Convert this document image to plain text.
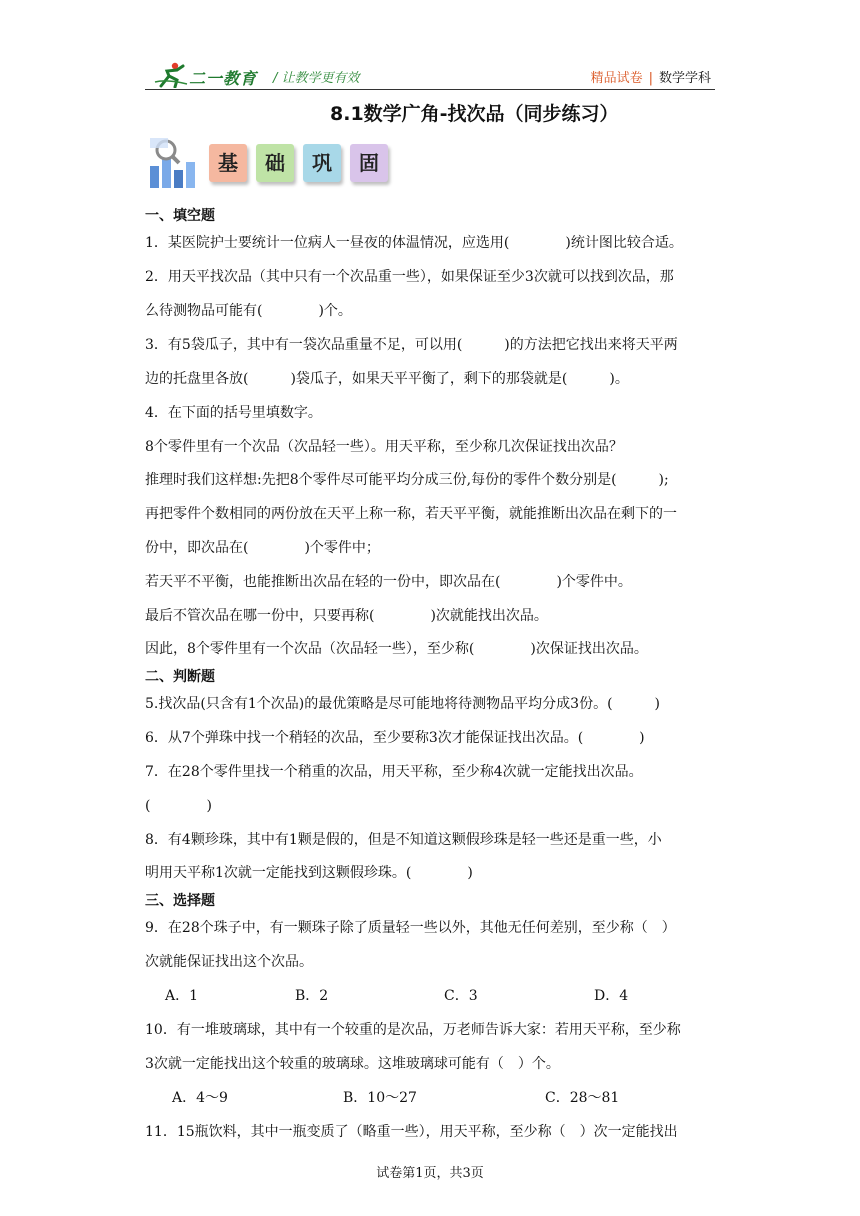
二一教育 / 让教学更有效	精品试卷 | 数学学科
8.1数学广角-找次品（同步练习）
基	础	巩	固
一、填空题
1．某医院护士要统计一位病人一昼夜的体温情况，应选用(　　　　)统计图比较合适。
2．用天平找次品（其中只有一个次品重一些），如果保证至少3次就可以找到次品，那
么待测物品可能有(　　　　)个。
3．有5袋瓜子，其中有一袋次品重量不足，可以用(　　　)的方法把它找出来将天平两
边的托盘里各放(　　　)袋瓜子，如果天平平衡了，剩下的那袋就是(　　　)。
4．在下面的括号里填数字。
8个零件里有一个次品（次品轻一些）。用天平称，至少称几次保证找出次品？
推理时我们这样想:先把8个零件尽可能平均分成三份,每份的零件个数分别是(　　　);
再把零件个数相同的两份放在天平上称一称，若天平平衡，就能推断出次品在剩下的一
份中，即次品在(　　　　)个零件中；
若天平不平衡，也能推断出次品在轻的一份中，即次品在(　　　　)个零件中。
最后不管次品在哪一份中，只要再称(　　　　)次就能找出次品。
因此，8个零件里有一个次品（次品轻一些），至少称(　　　　)次保证找出次品。
二、判断题
5.找次品(只含有1个次品)的最优策略是尽可能地将待测物品平均分成3份。(　　　)
6．从7个弹珠中找一个稍轻的次品，至少要称3次才能保证找出次品。(　　　　)
7．在28个零件里找一个稍重的次品，用天平称，至少称4次就一定能找出次品。
(　　　　)
8．有4颗珍珠，其中有1颗是假的，但是不知道这颗假珍珠是轻一些还是重一些，小
明用天平称1次就一定能找到这颗假珍珠。(　　　　)
三、选择题
9．在28个珠子中，有一颗珠子除了质量轻一些以外，其他无任何差别，至少称（　）
次就能保证找出这个次品。
10．有一堆玻璃球，其中有一个较重的是次品，万老师告诉大家：若用天平称，至少称
3次就一定能找出这个较重的玻璃球。这堆玻璃球可能有（　）个。
11．15瓶饮料，其中一瓶变质了（略重一些），用天平称，至少称（　）次一定能找出
A．1	B．2	C．3	D．4
A．4～9	B．10～27	C．28～81
试卷第1页，共3页
